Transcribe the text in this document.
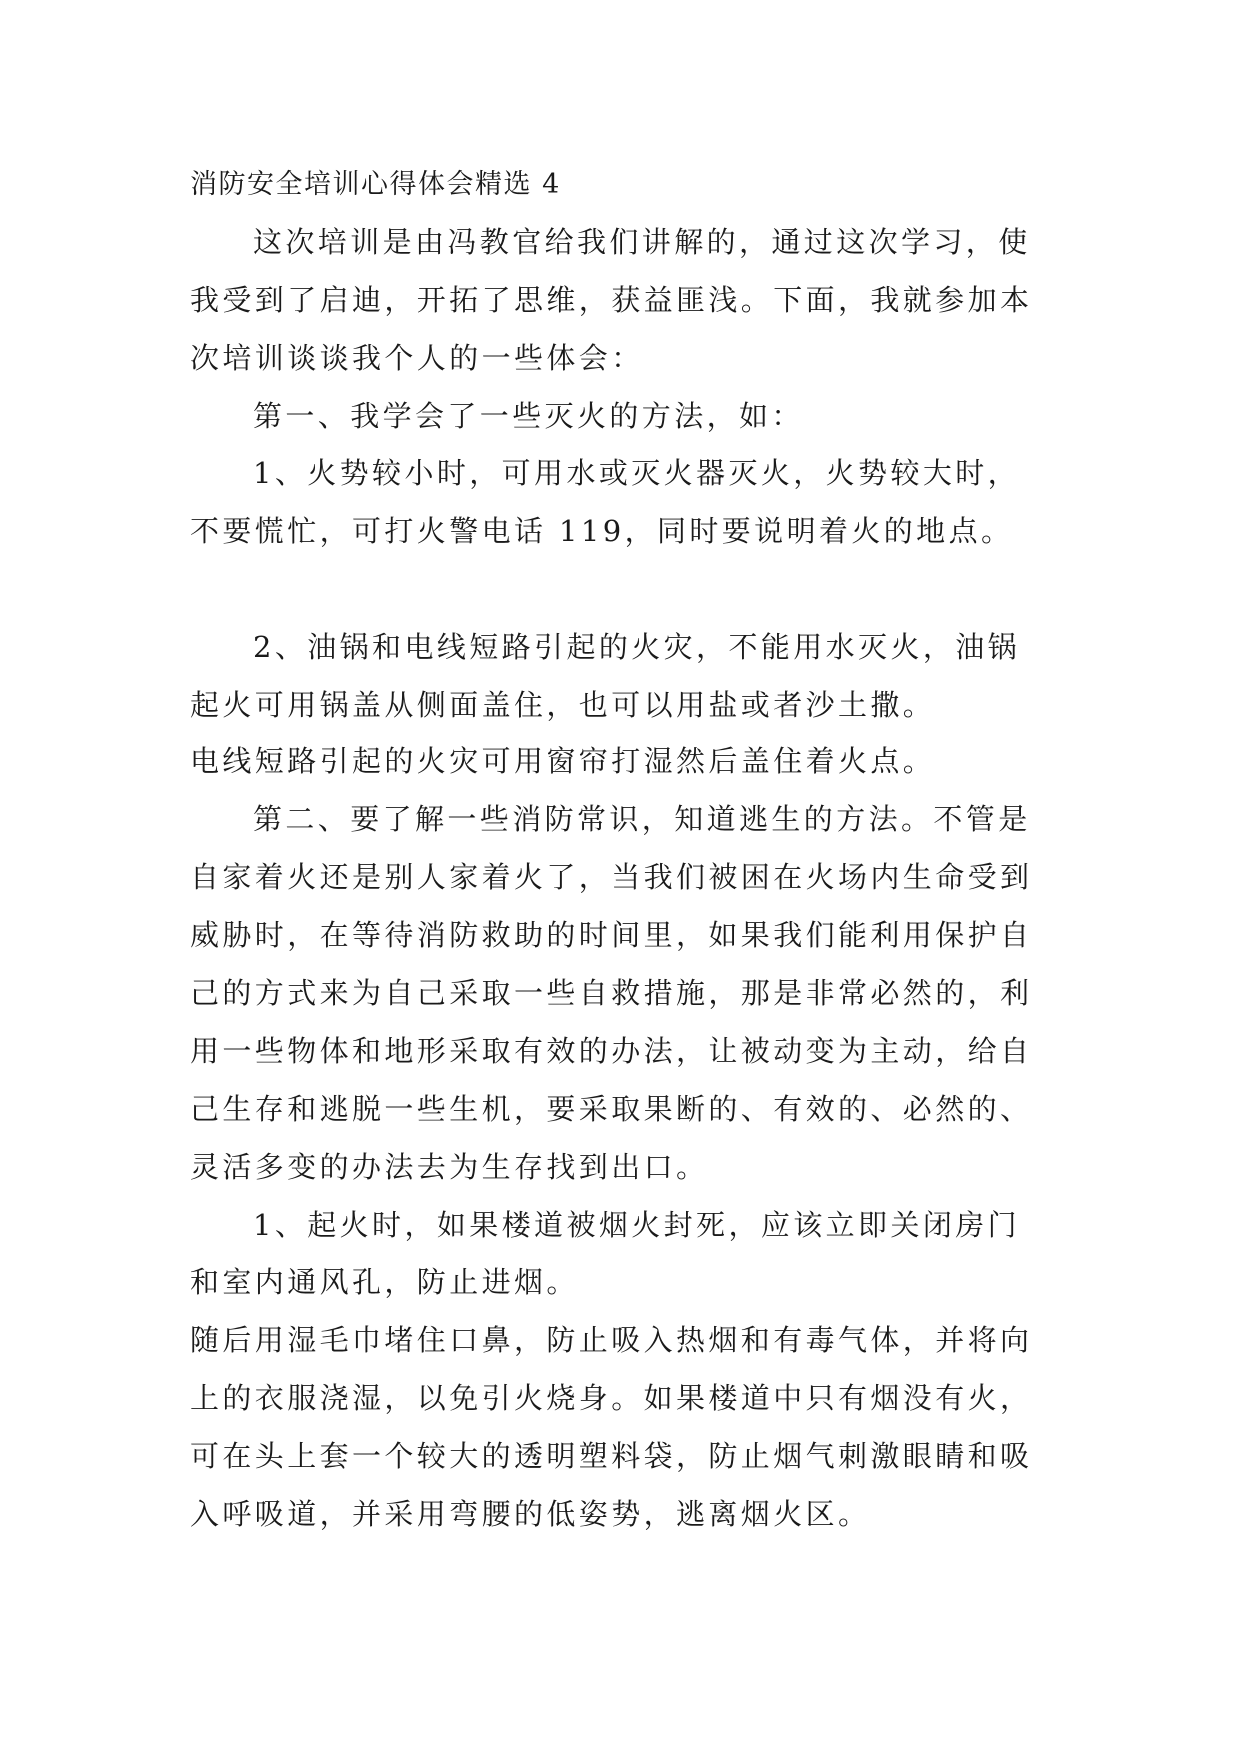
消防安全培训心得体会精选 4
这次培训是由冯教官给我们讲解的，通过这次学习，使
我受到了启迪，开拓了思维，获益匪浅。下面，我就参加本
次培训谈谈我个人的一些体会：
第一、我学会了一些灭火的方法，如：
1、火势较小时，可用水或灭火器灭火，火势较大时，
不要慌忙，可打火警电话 119，同时要说明着火的地点。
2、油锅和电线短路引起的火灾，不能用水灭火，油锅
起火可用锅盖从侧面盖住，也可以用盐或者沙土撒。
电线短路引起的火灾可用窗帘打湿然后盖住着火点。
第二、要了解一些消防常识，知道逃生的方法。不管是
自家着火还是别人家着火了，当我们被困在火场内生命受到
威胁时，在等待消防救助的时间里，如果我们能利用保护自
己的方式来为自己采取一些自救措施，那是非常必然的，利
用一些物体和地形采取有效的办法，让被动变为主动，给自
己生存和逃脱一些生机，要采取果断的、有效的、必然的、
灵活多变的办法去为生存找到出口。
1、起火时，如果楼道被烟火封死，应该立即关闭房门
和室内通风孔，防止进烟。
随后用湿毛巾堵住口鼻，防止吸入热烟和有毒气体，并将向
上的衣服浇湿，以免引火烧身。如果楼道中只有烟没有火，
可在头上套一个较大的透明塑料袋，防止烟气刺激眼睛和吸
入呼吸道，并采用弯腰的低姿势，逃离烟火区。
